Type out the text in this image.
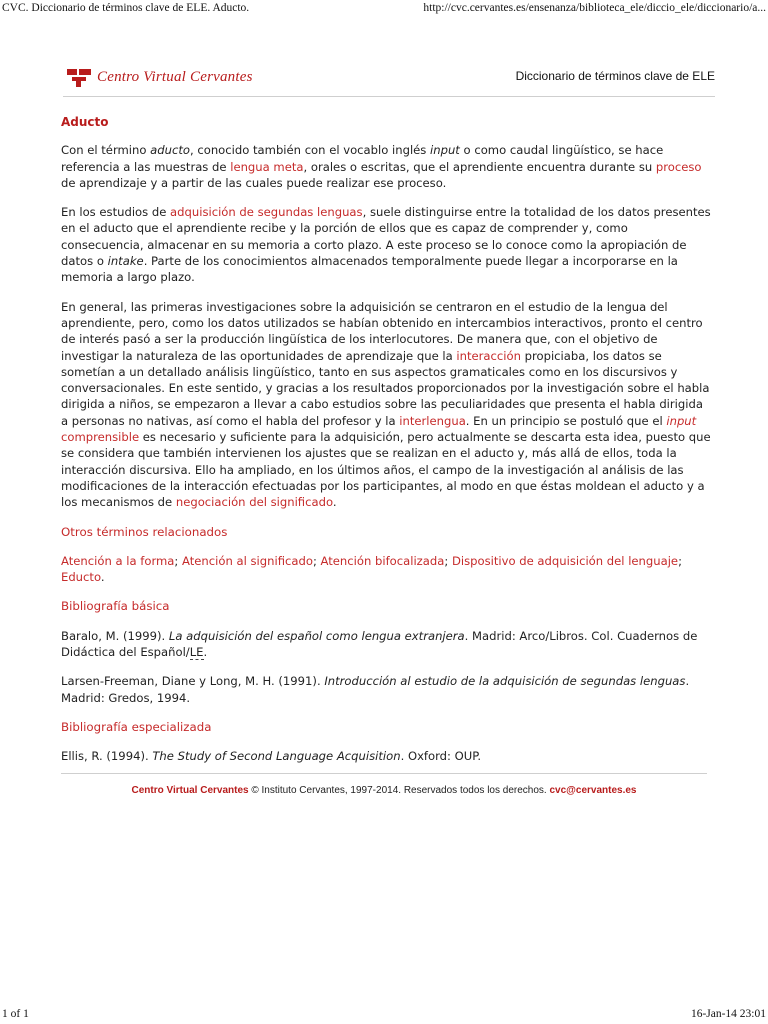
CVC. Diccionario de términos clave de ELE. Aducto.	http://cvc.cervantes.es/ensenanza/biblioteca_ele/diccio_ele/diccionario/a...
Centro Virtual Cervantes	Diccionario de términos clave de ELE
Aducto

Con el término aducto, conocido también con el vocablo inglés input o como caudal lingüístico, se hace referencia a las muestras de lengua meta, orales o escritas, que el aprendiente encuentra durante su proceso de aprendizaje y a partir de las cuales puede realizar ese proceso.

En los estudios de adquisición de segundas lenguas, suele distinguirse entre la totalidad de los datos presentes en el aducto que el aprendiente recibe y la porción de ellos que es capaz de comprender y, como consecuencia, almacenar en su memoria a corto plazo. A este proceso se lo conoce como la apropiación de datos o intake. Parte de los conocimientos almacenados temporalmente puede llegar a incorporarse en la memoria a largo plazo.

En general, las primeras investigaciones sobre la adquisición se centraron en el estudio de la lengua del aprendiente, pero, como los datos utilizados se habían obtenido en intercambios interactivos, pronto el centro de interés pasó a ser la producción lingüística de los interlocutores. De manera que, con el objetivo de investigar la naturaleza de las oportunidades de aprendizaje que la interacción propiciaba, los datos se sometían a un detallado análisis lingüístico, tanto en sus aspectos gramaticales como en los discursivos y conversacionales. En este sentido, y gracias a los resultados proporcionados por la investigación sobre el habla dirigida a niños, se empezaron a llevar a cabo estudios sobre las peculiaridades que presenta el habla dirigida a personas no nativas, así como el habla del profesor y la interlengua. En un principio se postuló que el input comprensible es necesario y suficiente para la adquisición, pero actualmente se descarta esta idea, puesto que se considera que también intervienen los ajustes que se realizan en el aducto y, más allá de ellos, toda la interacción discursiva. Ello ha ampliado, en los últimos años, el campo de la investigación al análisis de las modificaciones de la interacción efectuadas por los participantes, al modo en que éstas moldean el aducto y a los mecanismos de negociación del significado.

Otros términos relacionados

Atención a la forma; Atención al significado; Atención bifocalizada; Dispositivo de adquisición del lenguaje; Educto.

Bibliografía básica

Baralo, M. (1999). La adquisición del español como lengua extranjera. Madrid: Arco/Libros. Col. Cuadernos de Didáctica del Español/LE.

Larsen-Freeman, Diane y Long, M. H. (1991). Introducción al estudio de la adquisición de segundas lenguas. Madrid: Gredos, 1994.

Bibliografía especializada

Ellis, R. (1994). The Study of Second Language Acquisition. Oxford: OUP.

Centro Virtual Cervantes © Instituto Cervantes, 1997-2014. Reservados todos los derechos. cvc@cervantes.es
1 of 1	16-Jan-14 23:01
